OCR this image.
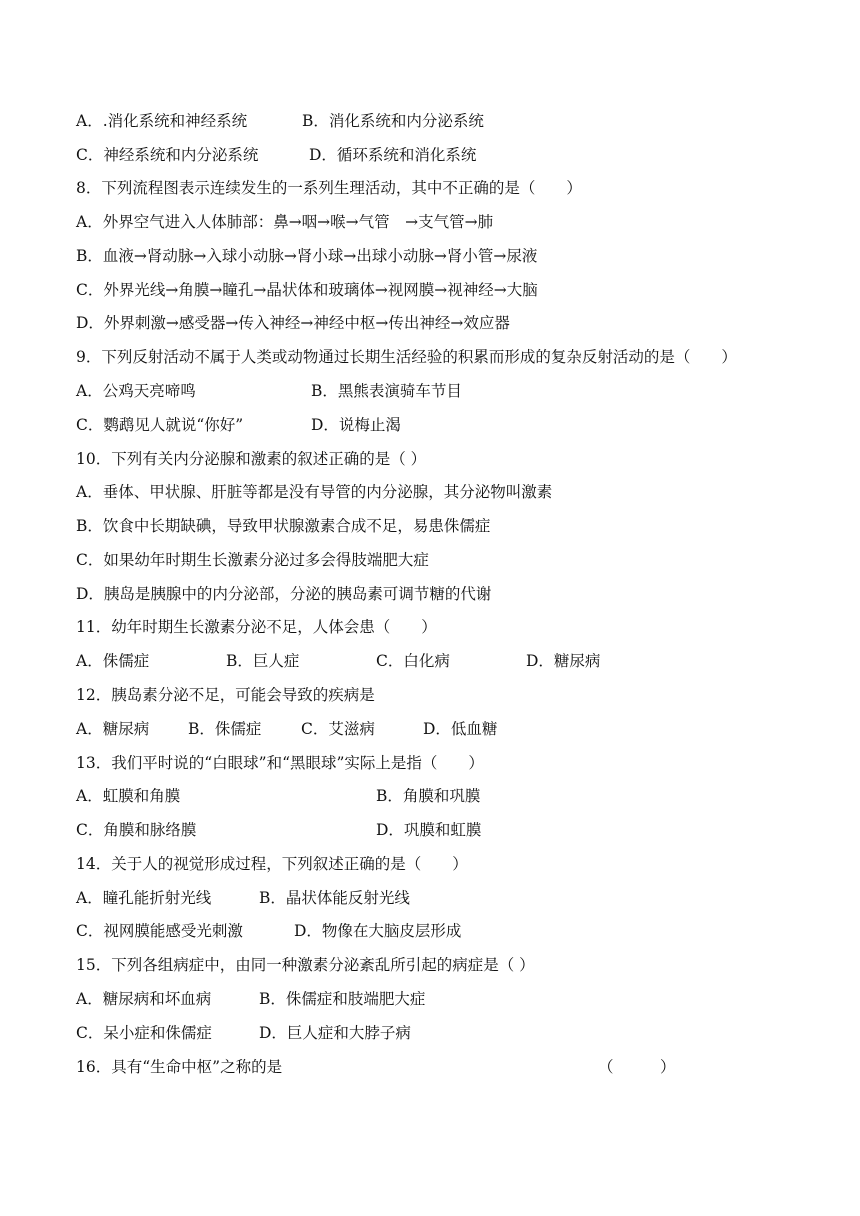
A．.消化系统和神经系统

	B．消化系统和内分泌系统

C．神经系统和内分泌系统

	D．循环系统和消化系统

8．下列流程图表示连续发生的一系列生理活动，其中不正确的是（　　）

A．外界空气进入人体肺部：鼻→咽→喉→气管　→支气管→肺

B．血液→肾动脉→入球小动脉→肾小球→出球小动脉→肾小管→尿液

C．外界光线→角膜→瞳孔→晶状体和玻璃体→视网膜→视神经→大脑

D．外界刺激→感受器→传入神经→神经中枢→传出神经→效应器

9．下列反射活动不属于人类或动物通过长期生活经验的积累而形成的复杂反射活动的是（　　）

A．公鸡天亮啼鸣

	B．黑熊表演骑车节目

C．鹦鹉见人就说“你好”

	D．说梅止渴

10．下列有关内分泌腺和激素的叙述正确的是（ ）

A．垂体、甲状腺、肝脏等都是没有导管的内分泌腺，其分泌物叫激素

B．饮食中长期缺碘，导致甲状腺激素合成不足，易患侏儒症

C．如果幼年时期生长激素分泌过多会得肢端肥大症

D．胰岛是胰腺中的内分泌部，分泌的胰岛素可调节糖的代谢

11．幼年时期生长激素分泌不足，人体会患（　　）

A．侏儒症

	B．巨人症

	C．白化病

	D．糖尿病

12．胰岛素分泌不足，可能会导致的疾病是

A．糖尿病

	B．侏儒症

	C．艾滋病

	D．低血糖

13．我们平时说的“白眼球”和“黑眼球”实际上是指（　　）

A．虹膜和角膜

	B．角膜和巩膜

C．角膜和脉络膜

	D．巩膜和虹膜

14．关于人的视觉形成过程，下列叙述正确的是（　　）

A．瞳孔能折射光线

	B．晶状体能反射光线

C．视网膜能感受光刺激

	D．物像在大脑皮层形成

15．下列各组病症中，由同一种激素分泌紊乱所引起的病症是（ ）

A．糖尿病和坏血病

	B．侏儒症和肢端肥大症

C．呆小症和侏儒症

	D．巨人症和大脖子病

16．具有“生命中枢”之称的是

	（　　　）
